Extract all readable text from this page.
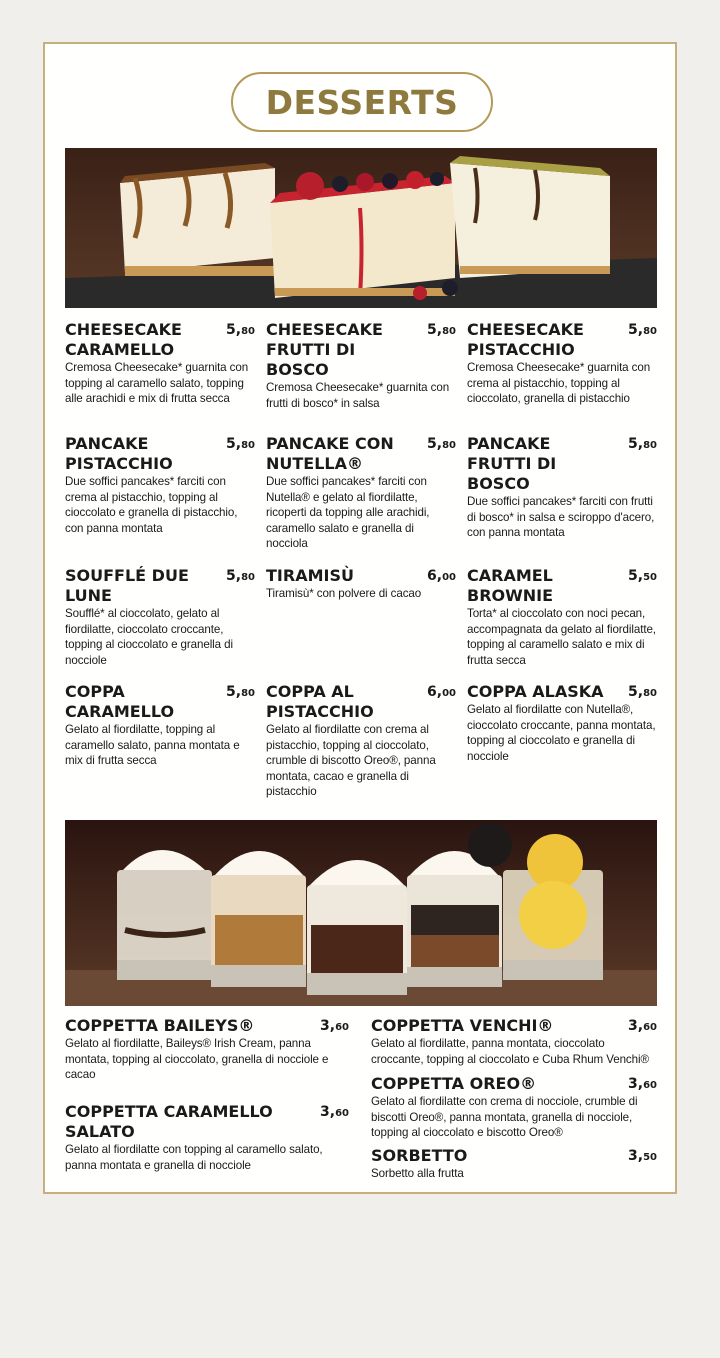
DESSERTS

CHEESECAKE CARAMELLO

5,80

Cremosa Cheesecake* guarnita con topping al caramello salato, topping alle arachidi e mix di frutta secca

CHEESECAKE FRUTTI DI BOSCO

5,80

Cremosa Cheesecake* guarnita con frutti di bosco* in salsa

CHEESECAKE PISTACCHIO

5,80

Cremosa Cheesecake* guarnita con crema al pistacchio, topping al cioccolato, granella di pistacchio

PANCAKE PISTACCHIO

5,80

Due soffici pancakes* farciti con crema al pistacchio, topping al cioccolato e granella di pistacchio, con panna montata

PANCAKE CON NUTELLA®

5,80

Due soffici pancakes* farciti con Nutella® e gelato al fiordilatte, ricoperti da topping alle arachidi, caramello salato e granella di nocciola

PANCAKE FRUTTI DI BOSCO

5,80

Due soffici pancakes* farciti con frutti di bosco* in salsa e sciroppo d'acero, con panna montata

SOUFFLÉ DUE LUNE

5,80

Soufflé* al cioccolato, gelato al fiordilatte, cioccolato croccante, topping al cioccolato e granella di nocciole

TIRAMISÙ	6,00

Tiramisù* con polvere di cacao

CARAMEL BROWNIE

5,50

Torta* al cioccolato con noci pecan, accompagnata da gelato al fiordilatte, topping al caramello salato e mix di frutta secca

COPPA CARAMELLO

5,80

Gelato al fiordilatte, topping al caramello salato, panna montata e mix di frutta secca

COPPA AL PISTACCHIO

6,00

Gelato al fiordilatte con crema al pistacchio, topping al cioccolato, crumble di biscotto Oreo®, panna montata, cacao e granella di pistacchio

COPPA ALASKA	5,80

Gelato al fiordilatte con Nutella®, cioccolato croccante, panna montata, topping al cioccolato e granella di nocciole

COPPETTA BAILEYS®	3,60

Gelato al fiordilatte, Baileys® Irish Cream, panna montata, topping al cioccolato, granella di nocciole e cacao

COPPETTA CARAMELLO SALATO

3,60

Gelato al fiordilatte con topping al caramello salato, panna montata e granella di nocciole

COPPETTA VENCHI®	3,60

Gelato al fiordilatte, panna montata, cioccolato croccante, topping al cioccolato e Cuba Rhum Venchi®

COPPETTA OREO®	3,60

Gelato al fiordilatte con crema di nocciole, crumble di biscotti Oreo®, panna montata, granella di nocciole, topping al cioccolato e biscotto Oreo®

SORBETTO	3,50

Sorbetto alla frutta
